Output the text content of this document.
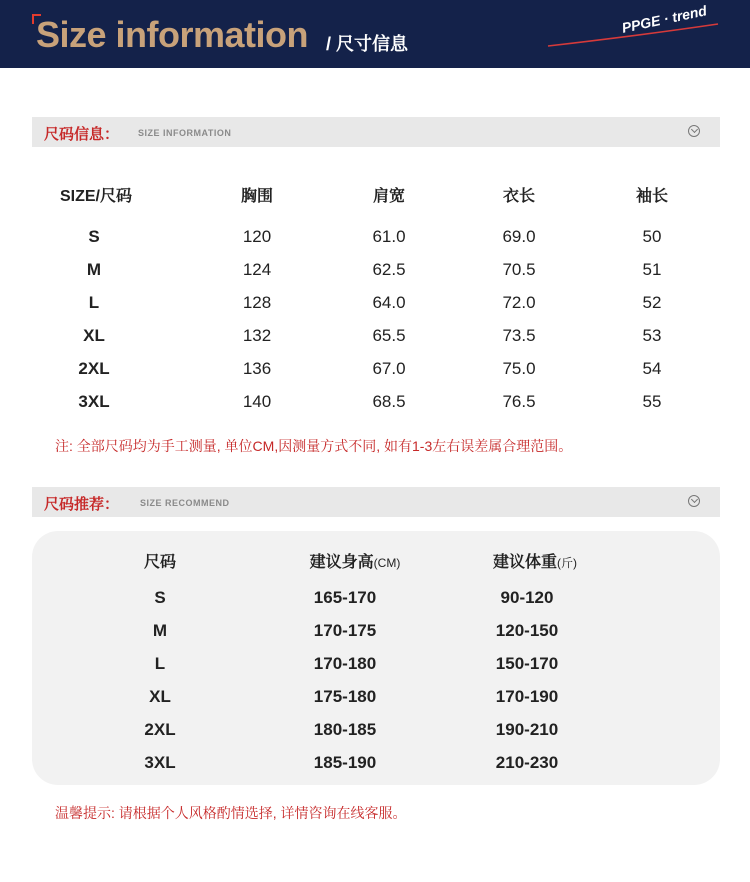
Size information / 尺寸信息
PPGE · trend
尺码信息： SIZE INFORMATION
SIZE/尺码	胸围	肩宽	衣长	袖长
S	120	61.0	69.0	50
M	124	62.5	70.5	51
L	128	64.0	72.0	52
XL	132	65.5	73.5	53
2XL	136	67.0	75.0	54
3XL	140	68.5	76.5	55
注: 全部尺码均为手工测量, 单位CM,因测量方式不同, 如有1-3左右误差属合理范围。
尺码推荐： SIZE RECOMMEND
尺码	建议身高(CM)	建议体重(斤)
S	165-170	90-120
M	170-175	120-150
L	170-180	150-170
XL	175-180	170-190
2XL	180-185	190-210
3XL	185-190	210-230
温馨提示: 请根据个人风格酌情选择, 详情咨询在线客服。
